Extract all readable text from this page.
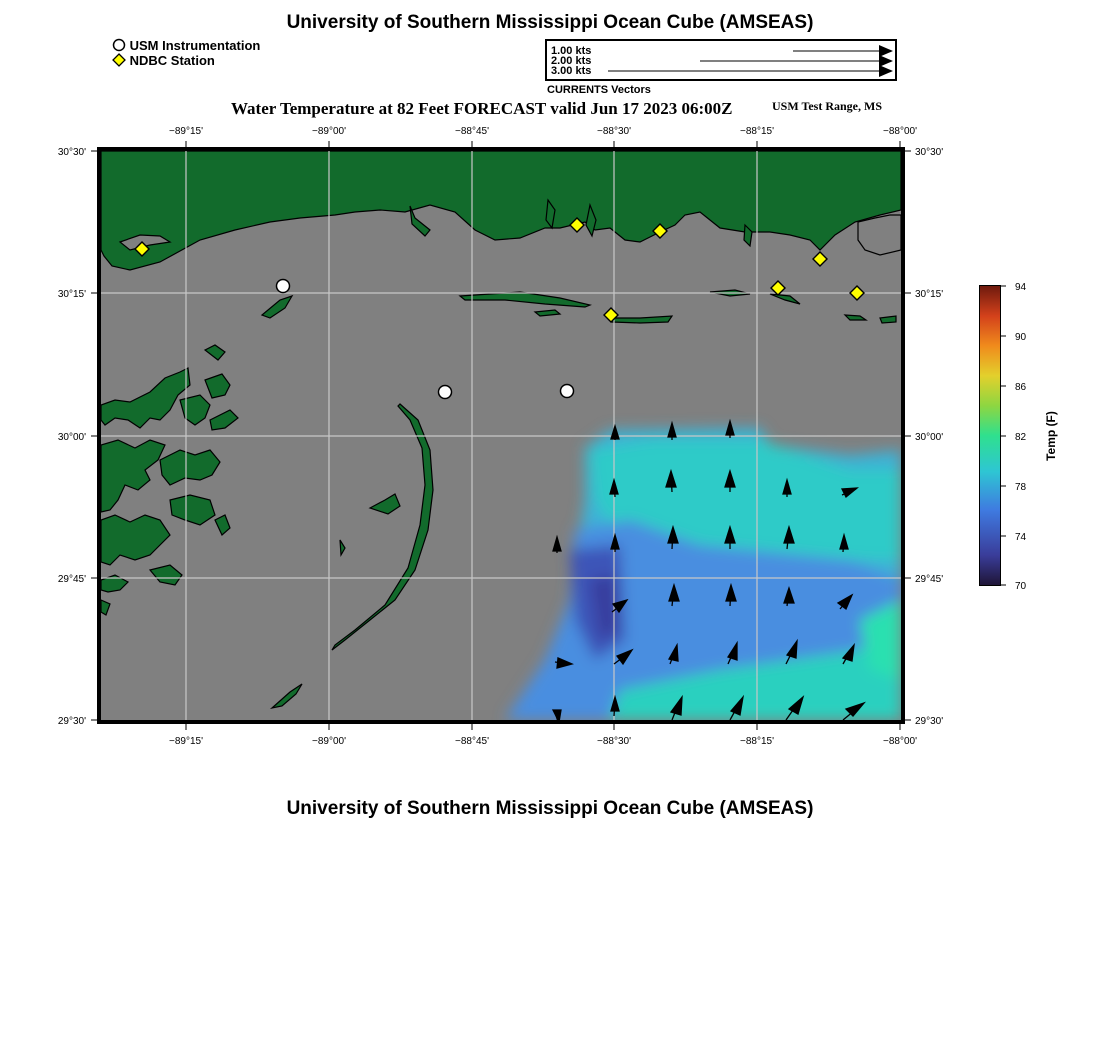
University of Southern Mississippi Ocean Cube (AMSEAS)
USM Instrumentation
NDBC Station
1.00 kts
2.00 kts
3.00 kts
CURRENTS Vectors
Water Temperature at 82 Feet FORECAST valid Jun 17 2023 06:00Z	USM Test Range, MS
−89°15'	−89°00'	−88°45'	−88°30'	−88°15'	−88°00'
−89°15'	−89°00'	−88°45'	−88°30'	−88°15'	−88°00'
30°30'
30°15'
30°00'
29°45'
29°30'
30°30'
30°15'
30°00'
29°45'
29°30'
94
90
86
82
78
74
70
Temp (F)
University of Southern Mississippi Ocean Cube (AMSEAS)
